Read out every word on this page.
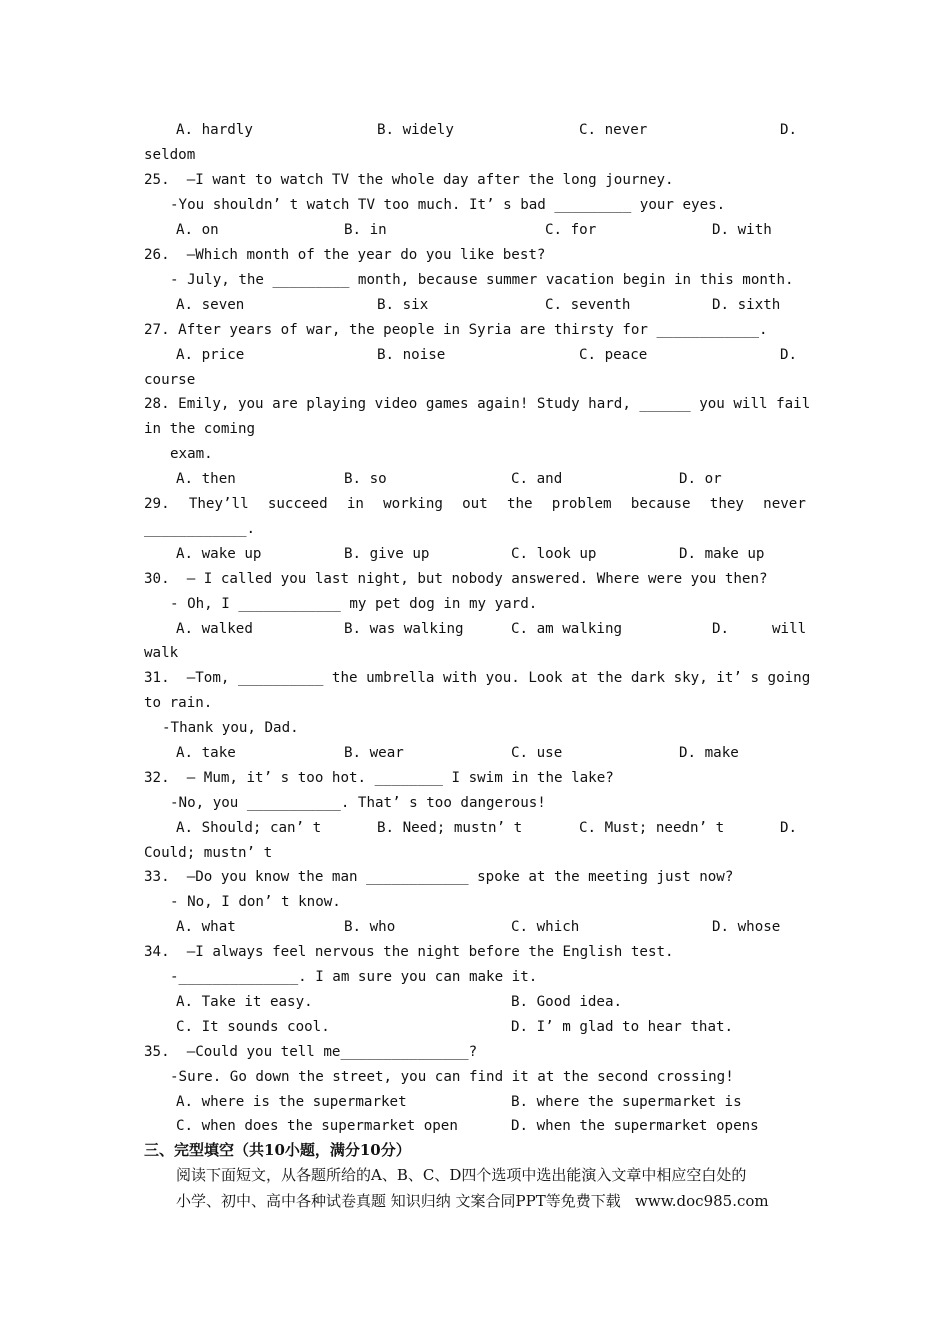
A. hardly

	B. widely

	C. never

	D.

seldom

25.  –I want to watch TV the whole day after the long journey.

-You shouldn’ t watch TV too much. It’ s bad _________ your eyes.

A. on

	B. in

	C. for

	D. with

26.  –Which month of the year do you like best?

- July, the _________ month, because summer vacation begin in this month.

A. seven

	B. six

	C. seventh

	D. sixth

27. After years of war, the people in Syria are thirsty for ____________.

A. price

	B. noise

	C. peace

	D.

course

28. Emily, you are playing video games again! Study hard, ______ you will fail

in the coming

exam.

A. then

	B. so

	C. and

	D. or

29. They’ll succeed in working out the problem because they never

____________.

A. wake up

	B. give up

	C. look up

	D. make up

30.  – I called you last night, but nobody answered. Where were you then?

- Oh, I ____________ my pet dog in my yard.

A. walked

	B. was walking

	C. am walking

	D.

	will

walk

31.  –Tom, __________ the umbrella with you. Look at the dark sky, it’ s going

to rain.

-Thank you, Dad.

A. take

	B. wear

	C. use

	D. make

32.  – Mum, it’ s too hot. ________ I swim in the lake?

-No, you ___________. That’ s too dangerous!

A. Should; can’ t

	B. Need; mustn’ t

	C. Must; needn’ t

	D.

Could; mustn’ t

33.  –Do you know the man ____________ spoke at the meeting just now?

- No, I don’ t know.

A. what

	B. who

	C. which

	D. whose

34.  –I always feel nervous the night before the English test.

-______________. I am sure you can make it.

A. Take it easy.

	B. Good idea.

C. It sounds cool.

	D. I’ m glad to hear that.

35.  –Could you tell me_______________?

-Sure. Go down the street, you can find it at the second crossing!

A. where is the supermarket

	B. where the supermarket is

C. when does the supermarket open

	D. when the supermarket opens

三、完型填空（共10小题，满分10分）
阅读下面短文，从各题所给的A、B、C、D四个选项中选出能演入文章中相应空白处的
小学、初中、高中各种试卷真题 知识归纳 文案合同PPT等免费下载   www.doc985.com
